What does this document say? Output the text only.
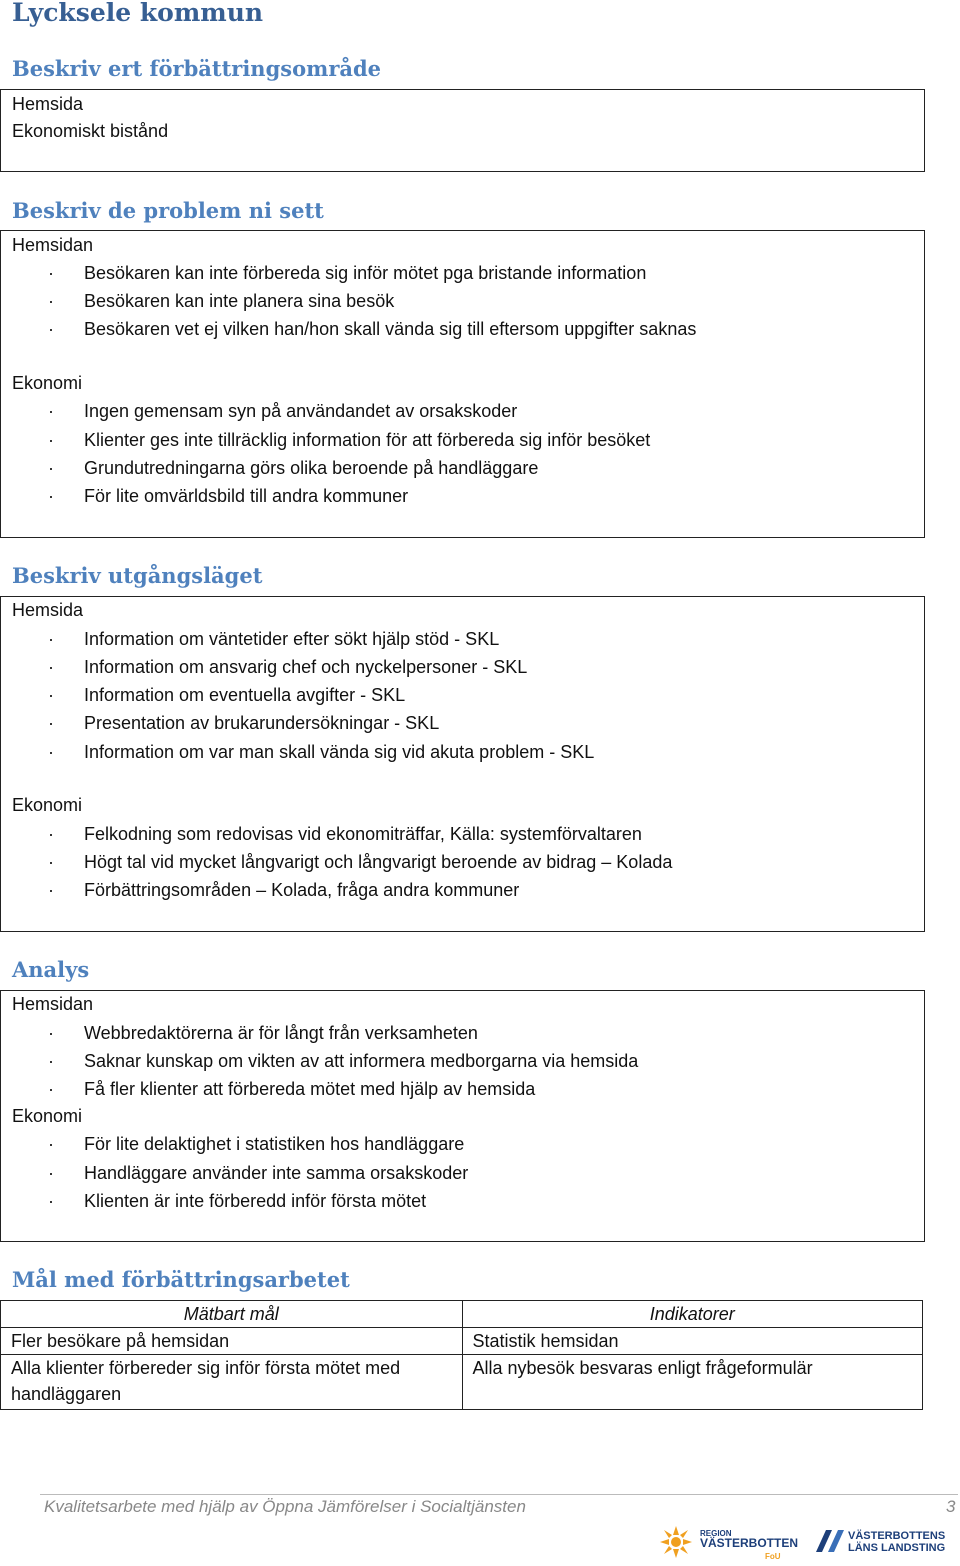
Lycksele kommun
Beskriv ert förbättringsområde
Hemsida
Ekonomiskt bistånd
Beskriv de problem ni sett
Hemsidan
· Besökaren kan inte förbereda sig inför mötet pga bristande information
· Besökaren kan inte planera sina besök
· Besökaren vet ej vilken han/hon skall vända sig till eftersom uppgifter saknas
Ekonomi
· Ingen gemensam syn på användandet av orsakskoder
· Klienter ges inte tillräcklig information för att förbereda sig inför besöket
· Grundutredningarna görs olika beroende på handläggare
· För lite omvärldsbild till andra kommuner
Beskriv utgångsläget
Hemsida
· Information om väntetider efter sökt hjälp stöd - SKL
· Information om ansvarig chef och nyckelpersoner - SKL
· Information om eventuella avgifter - SKL
· Presentation av brukarundersökningar - SKL
· Information om var man skall vända sig vid akuta problem - SKL
Ekonomi
· Felkodning som redovisas vid ekonomiträffar, Källa: systemförvaltaren
· Högt tal vid mycket långvarigt och långvarigt beroende av bidrag – Kolada
· Förbättringsområden – Kolada, fråga andra kommuner
Analys
Hemsidan
· Webbredaktörerna är för långt från verksamheten
· Saknar kunskap om vikten av att informera medborgarna via hemsida
· Få fler klienter att förbereda mötet med hjälp av hemsida
Ekonomi
· För lite delaktighet i statistiken hos handläggare
· Handläggare använder inte samma orsakskoder
· Klienten är inte förberedd inför första mötet
Mål med förbättringsarbetet
Mätbart mål	Indikatorer
Fler besökare på hemsidan	Statistik hemsidan
Alla klienter förbereder sig inför första mötet med handläggaren	Alla nybesök besvaras enligt frågeformulär
Kvalitetsarbete med hjälp av Öppna Jämförelser i Socialtjänsten	3
REGION
VÄSTERBOTTEN
FoU
VÄSTERBOTTENS
LÄNS LANDSTING
